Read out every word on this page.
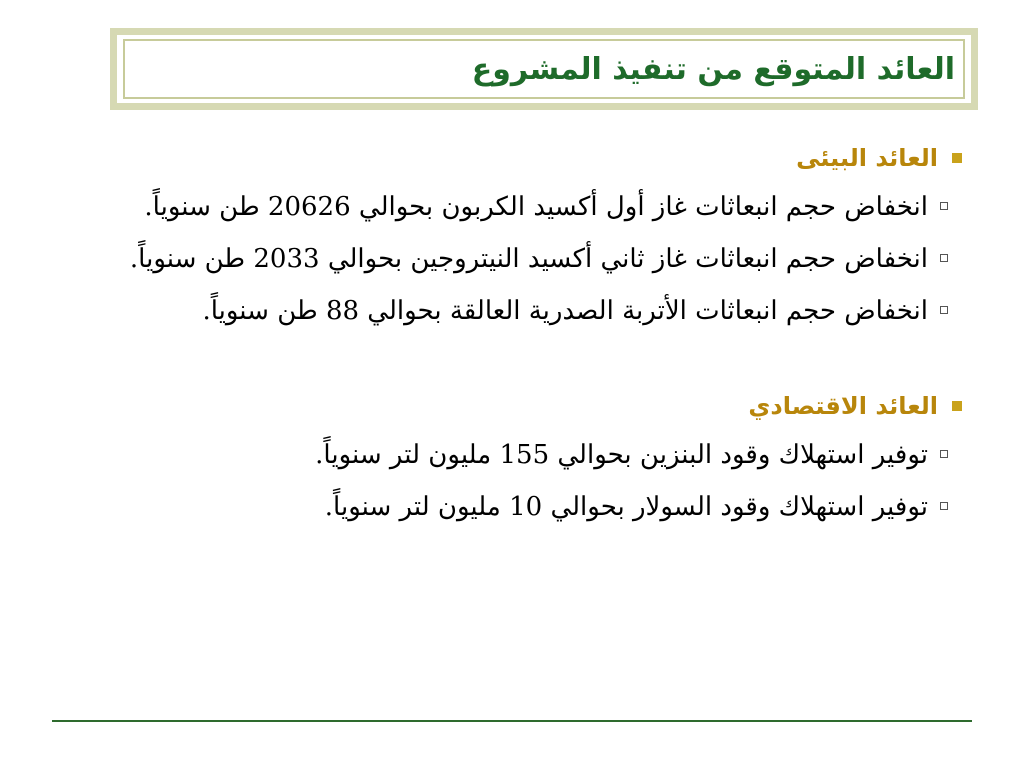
العائد المتوقع من تنفيذ المشروع
العائد البيئى
انخفاض حجم انبعاثات غاز أول أكسيد الكربون بحوالي 20626 طن سنوياً.
انخفاض حجم انبعاثات غاز ثاني أكسيد النيتروجين بحوالي 2033 طن سنوياً.
انخفاض حجم انبعاثات الأتربة الصدرية العالقة بحوالي 88 طن سنوياً.
العائد الاقتصادي
توفير استهلاك وقود البنزين بحوالي 155 مليون لتر سنوياً.
توفير استهلاك وقود السولار بحوالي 10 مليون لتر سنوياً.
